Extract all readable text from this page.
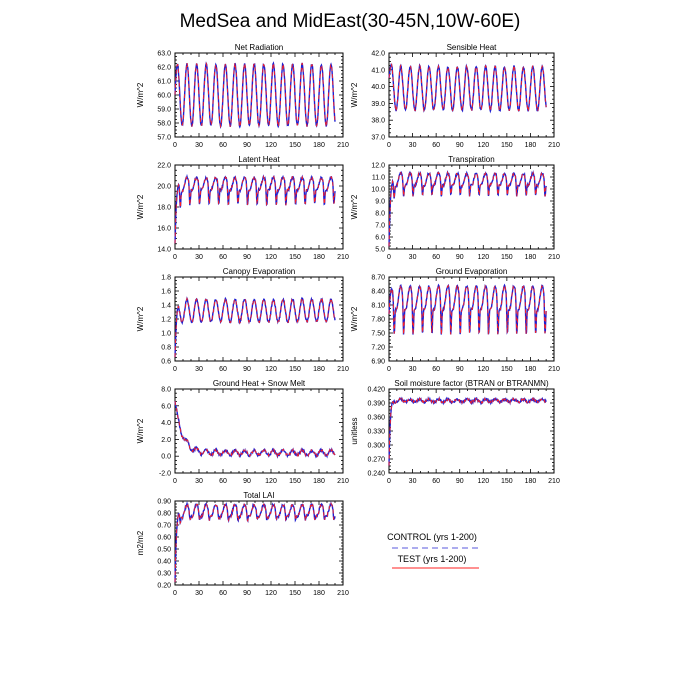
MedSea and MidEast(30-45N,10W-60E)
Net Radiation
W/m^2
0	30 60 90 120 150 180 210
57.0
58.0
59.0
60.0
61.0
62.0
63.0
Sensible Heat
W/m^2
0	30 60 90 120 150 180 210
37.0
38.0
39.0
40.0
41.0
42.0
Latent Heat
W/m^2
0	30 60 90 120 150 180 210
14.0
16.0
18.0
20.0
22.0
Transpiration
W/m^2
0	30 60 90 120 150 180 210
5.0
6.0
7.0
8.0
9.0
10.0
11.0
12.0
Canopy Evaporation
W/m^2
0	30 60 90 120 150 180 210
0.6
0.8
1.0
1.2
1.4
1.6
1.8
Ground Evaporation
W/m^2
0	30 60 90 120 150 180 210
6.90
7.20
7.50
7.80
8.10
8.40
8.70
Ground Heat + Snow Melt
W/m^2
0	30 60 90 120 150 180 210
-2.0
0.0
2.0
4.0
6.0
8.0
Soil moisture factor (BTRAN or BTRANMN)
unitless
0	30 60 90 120 150 180 210
0.240
0.270
0.300
0.330
0.360
0.390
0.420
Total LAI
m2/m2
0	30 60 90 120 150 180 210
0.20
0.30
0.40
0.50
0.60
0.70
0.80
0.90
CONTROL (yrs 1-200)
TEST (yrs 1-200)
